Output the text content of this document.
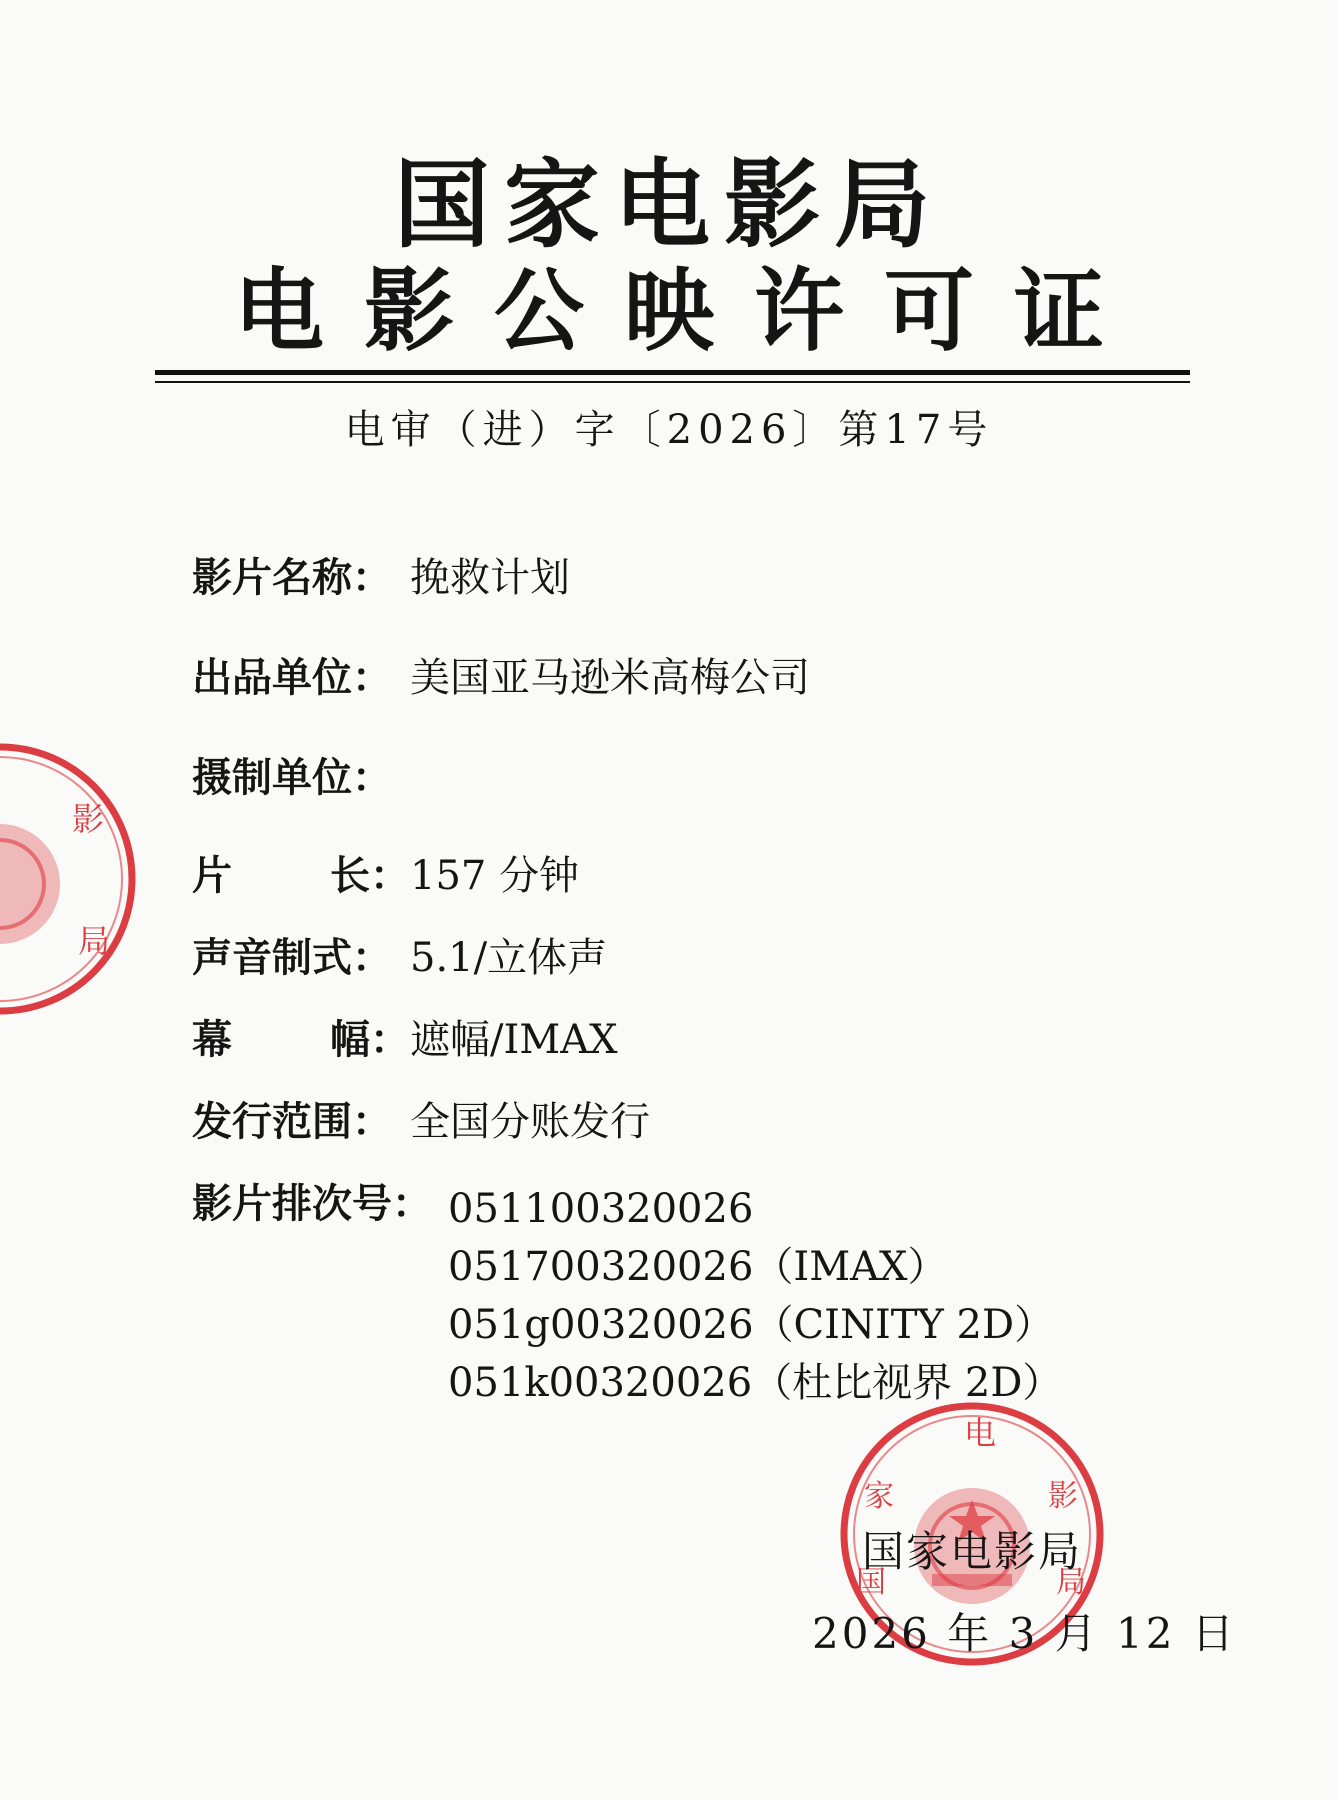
国家电影局
电影公映许可证
电审（进）字〔2026〕第17号
影片名称： 挽救计划
出品单位： 美国亚马逊米高梅公司
摄制单位：
片 长： 157 分钟
声音制式： 5.1/立体声
幕 幅： 遮幅/IMAX
发行范围： 全国分账发行
影片排次号： 051100320026
051700320026（IMAX）
051g00320026（CINITY 2D）
051k00320026（杜比视界 2D）
电
家
国
影
局
影
局
国家电影局
2026 年 3 月 12 日
